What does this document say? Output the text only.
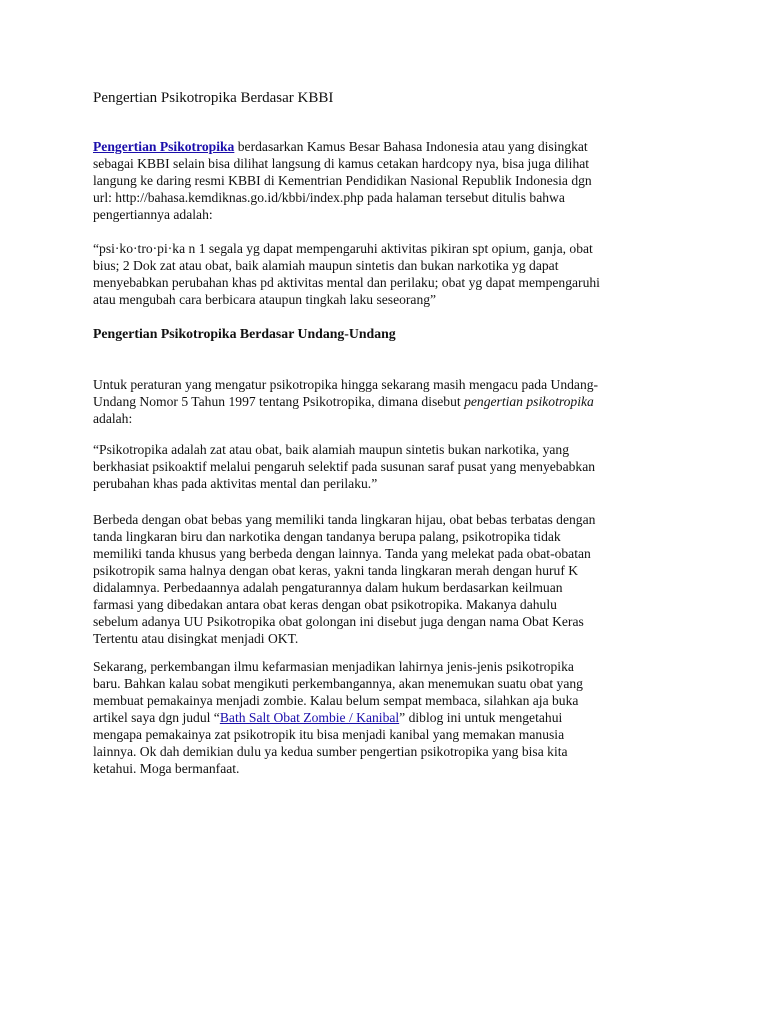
Pengertian Psikotropika Berdasar KBBI

Pengertian Psikotropika berdasarkan Kamus Besar Bahasa Indonesia atau yang disingkat
sebagai KBBI selain bisa dilihat langsung di kamus cetakan hardcopy nya, bisa juga dilihat
langung ke daring resmi KBBI di Kementrian Pendidikan Nasional Republik Indonesia dgn
url: http://bahasa.kemdiknas.go.id/kbbi/index.php pada halaman tersebut ditulis bahwa
pengertiannya adalah:

“psi·ko·tro·pi·ka n 1 segala yg dapat mempengaruhi aktivitas pikiran spt opium, ganja, obat
bius; 2 Dok zat atau obat, baik alamiah maupun sintetis dan bukan narkotika yg dapat
menyebabkan perubahan khas pd aktivitas mental dan perilaku; obat yg dapat mempengaruhi
atau mengubah cara berbicara ataupun tingkah laku seseorang”

Pengertian Psikotropika Berdasar Undang-Undang

Untuk peraturan yang mengatur psikotropika hingga sekarang masih mengacu pada Undang-
Undang Nomor 5 Tahun 1997 tentang Psikotropika, dimana disebut pengertian psikotropika
adalah:

“Psikotropika adalah zat atau obat, baik alamiah maupun sintetis bukan narkotika, yang
berkhasiat psikoaktif melalui pengaruh selektif pada susunan saraf pusat yang menyebabkan
perubahan khas pada aktivitas mental dan perilaku.”

Berbeda dengan obat bebas yang memiliki tanda lingkaran hijau, obat bebas terbatas dengan
tanda lingkaran biru dan narkotika dengan tandanya berupa palang, psikotropika tidak
memiliki tanda khusus yang berbeda dengan lainnya. Tanda yang melekat pada obat-obatan
psikotropik sama halnya dengan obat keras, yakni tanda lingkaran merah dengan huruf K
didalamnya. Perbedaannya adalah pengaturannya dalam hukum berdasarkan keilmuan
farmasi yang dibedakan antara obat keras dengan obat psikotropika. Makanya dahulu
sebelum adanya UU Psikotropika obat golongan ini disebut juga dengan nama Obat Keras
Tertentu atau disingkat menjadi OKT.

Sekarang, perkembangan ilmu kefarmasian menjadikan lahirnya jenis-jenis psikotropika
baru. Bahkan kalau sobat mengikuti perkembangannya, akan menemukan suatu obat yang
membuat pemakainya menjadi zombie. Kalau belum sempat membaca, silahkan aja buka
artikel saya dgn judul “Bath Salt Obat Zombie / Kanibal” diblog ini untuk mengetahui
mengapa pemakainya zat psikotropik itu bisa menjadi kanibal yang memakan manusia
lainnya. Ok dah demikian dulu ya kedua sumber pengertian psikotropika yang bisa kita
ketahui. Moga bermanfaat.
